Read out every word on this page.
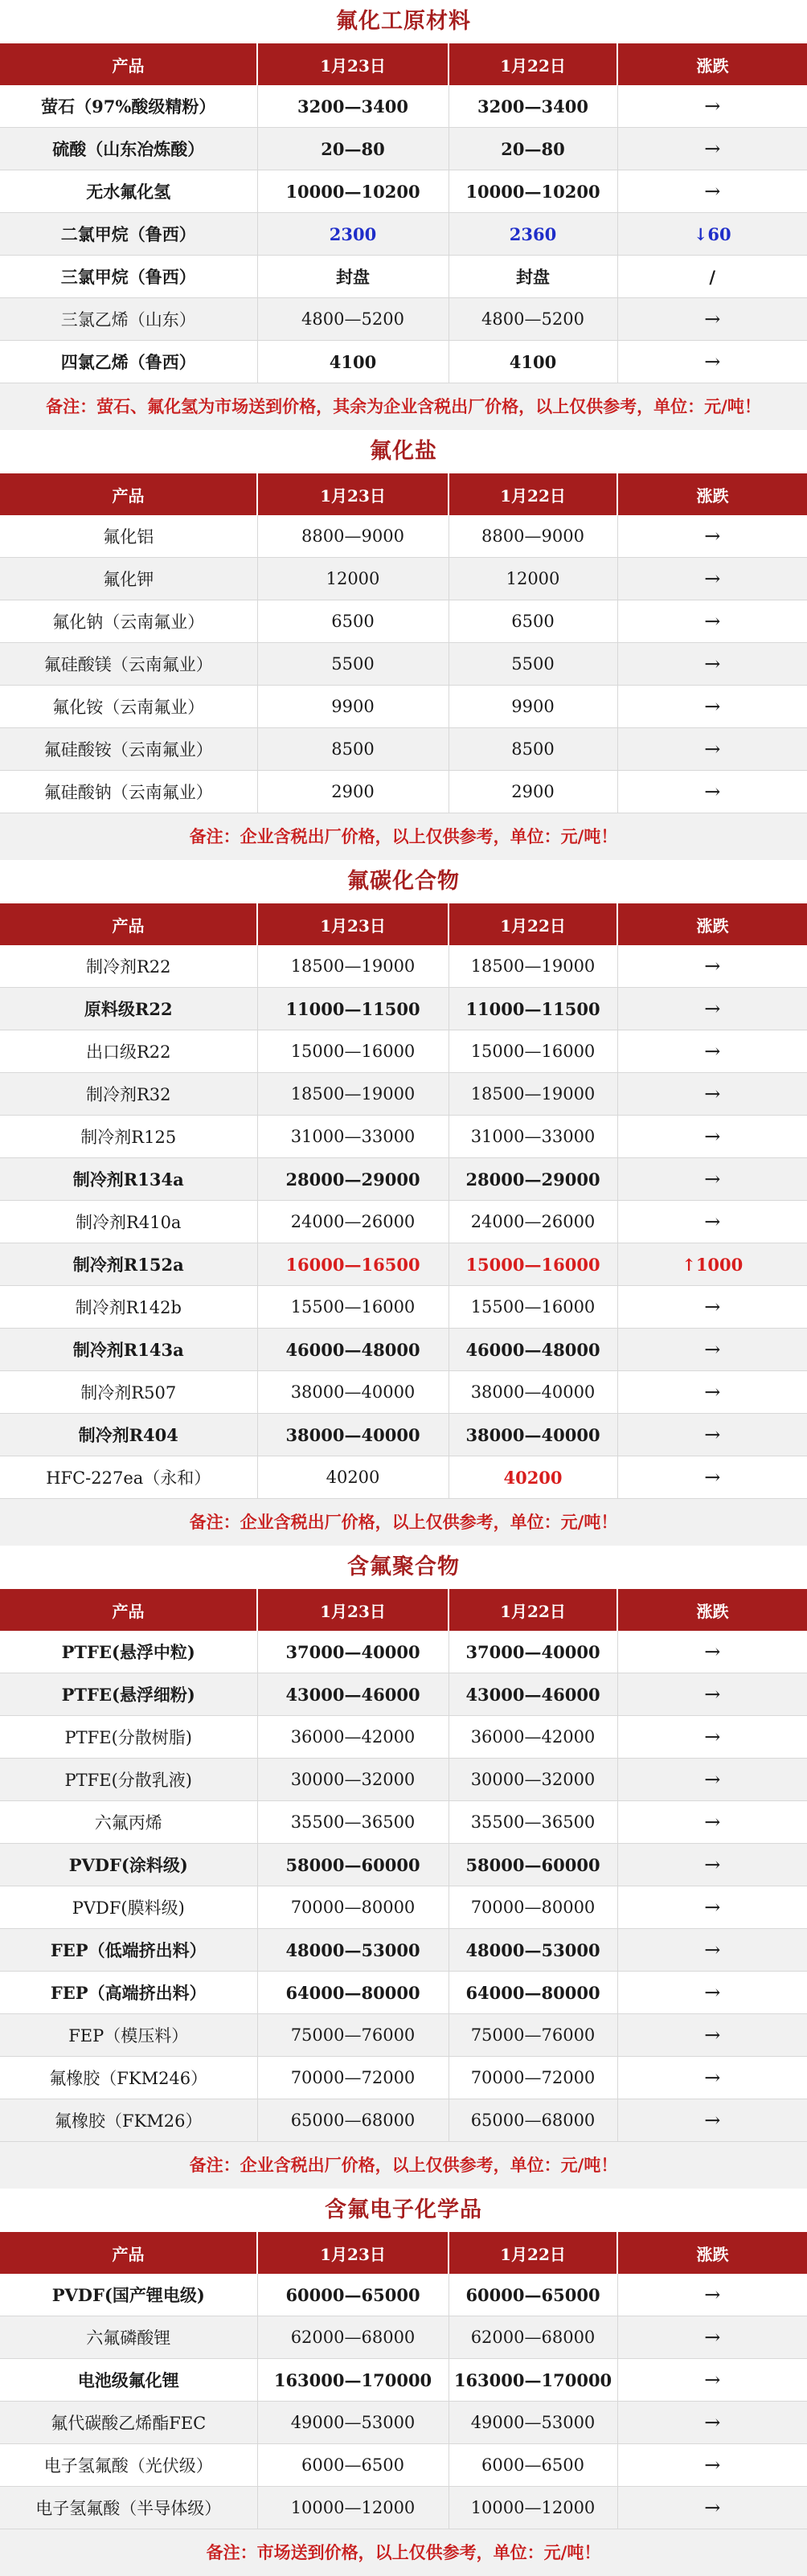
氟化工原材料
产品	1月23日	1月22日	涨跌
萤石（97%酸级精粉）	3200—3400	3200—3400	→
硫酸（山东冶炼酸）	20—80	20—80	→
无水氟化氢	10000—10200	10000—10200	→
二氯甲烷（鲁西）	2300	2360	↓60
三氯甲烷（鲁西）	封盘	封盘	/
三氯乙烯（山东）	4800—5200	4800—5200	→
四氯乙烯（鲁西）	4100	4100	→
备注：萤石、氟化氢为市场送到价格，其余为企业含税出厂价格，以上仅供参考，单位：元/吨！
氟化盐
产品	1月23日	1月22日	涨跌
氟化铝	8800—9000	8800—9000	→
氟化钾	12000	12000	→
氟化钠（云南氟业）	6500	6500	→
氟硅酸镁（云南氟业）	5500	5500	→
氟化铵（云南氟业）	9900	9900	→
氟硅酸铵（云南氟业）	8500	8500	→
氟硅酸钠（云南氟业）	2900	2900	→
备注：企业含税出厂价格，以上仅供参考，单位：元/吨！
氟碳化合物
产品	1月23日	1月22日	涨跌
制冷剂R22	18500—19000	18500—19000	→
原料级R22	11000—11500	11000—11500	→
出口级R22	15000—16000	15000—16000	→
制冷剂R32	18500—19000	18500—19000	→
制冷剂R125	31000—33000	31000—33000	→
制冷剂R134a	28000—29000	28000—29000	→
制冷剂R410a	24000—26000	24000—26000	→
制冷剂R152a	16000—16500	15000—16000	↑1000
制冷剂R142b	15500—16000	15500—16000	→
制冷剂R143a	46000—48000	46000—48000	→
制冷剂R507	38000—40000	38000—40000	→
制冷剂R404	38000—40000	38000—40000	→
HFC-227ea（永和）	40200	40200	→
备注：企业含税出厂价格，以上仅供参考，单位：元/吨！
含氟聚合物
产品	1月23日	1月22日	涨跌
PTFE(悬浮中粒)	37000—40000	37000—40000	→
PTFE(悬浮细粉)	43000—46000	43000—46000	→
PTFE(分散树脂)	36000—42000	36000—42000	→
PTFE(分散乳液)	30000—32000	30000—32000	→
六氟丙烯	35500—36500	35500—36500	→
PVDF(涂料级)	58000—60000	58000—60000	→
PVDF(膜料级)	70000—80000	70000—80000	→
FEP（低端挤出料）	48000—53000	48000—53000	→
FEP（高端挤出料）	64000—80000	64000—80000	→
FEP（模压料）	75000—76000	75000—76000	→
氟橡胶（FKM246）	70000—72000	70000—72000	→
氟橡胶（FKM26）	65000—68000	65000—68000	→
备注：企业含税出厂价格，以上仅供参考，单位：元/吨！
含氟电子化学品
产品	1月23日	1月22日	涨跌
PVDF(国产锂电级)	60000—65000	60000—65000	→
六氟磷酸锂	62000—68000	62000—68000	→
电池级氟化锂	163000—170000	163000—170000	→
氟代碳酸乙烯酯FEC	49000—53000	49000—53000	→
电子氢氟酸（光伏级）	6000—6500	6000—6500	→
电子氢氟酸（半导体级）	10000—12000	10000—12000	→
备注：市场送到价格，以上仅供参考，单位：元/吨！
